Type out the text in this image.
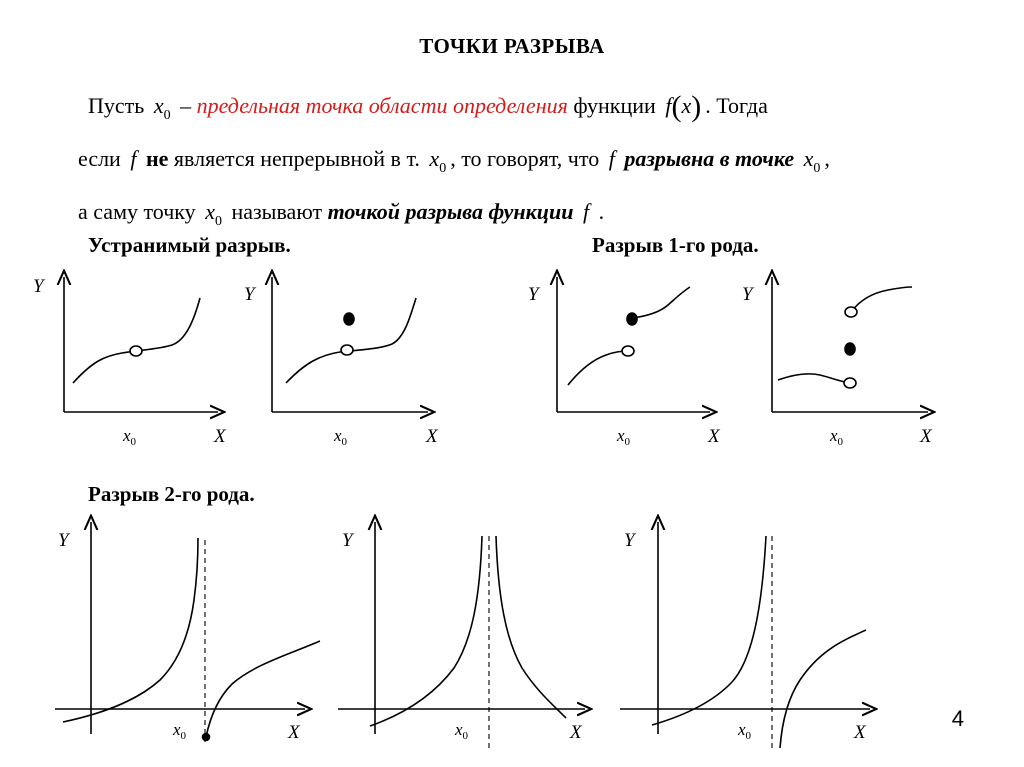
ТОЧКИ РАЗРЫВА
Пусть $x_0$ – предельная точка области определения функции f(x) . Тогда
если f не является непрерывной в т. $x_0$ , то говорят, что f разрывна в точке $x_0$ ,
а саму точку $x_0$ называют точкой разрыва функции f .
Устранимый разрыв.	Разрыв 1-го рода.
Разрыв 2-го рода.
Y
X
$x_0$
Y
X
$x_0$
Y
X
$x_0$
Y
X
$x_0$
Y
X
$x_0$
Y
X
$x_0$
Y
X
$x_0$
4
